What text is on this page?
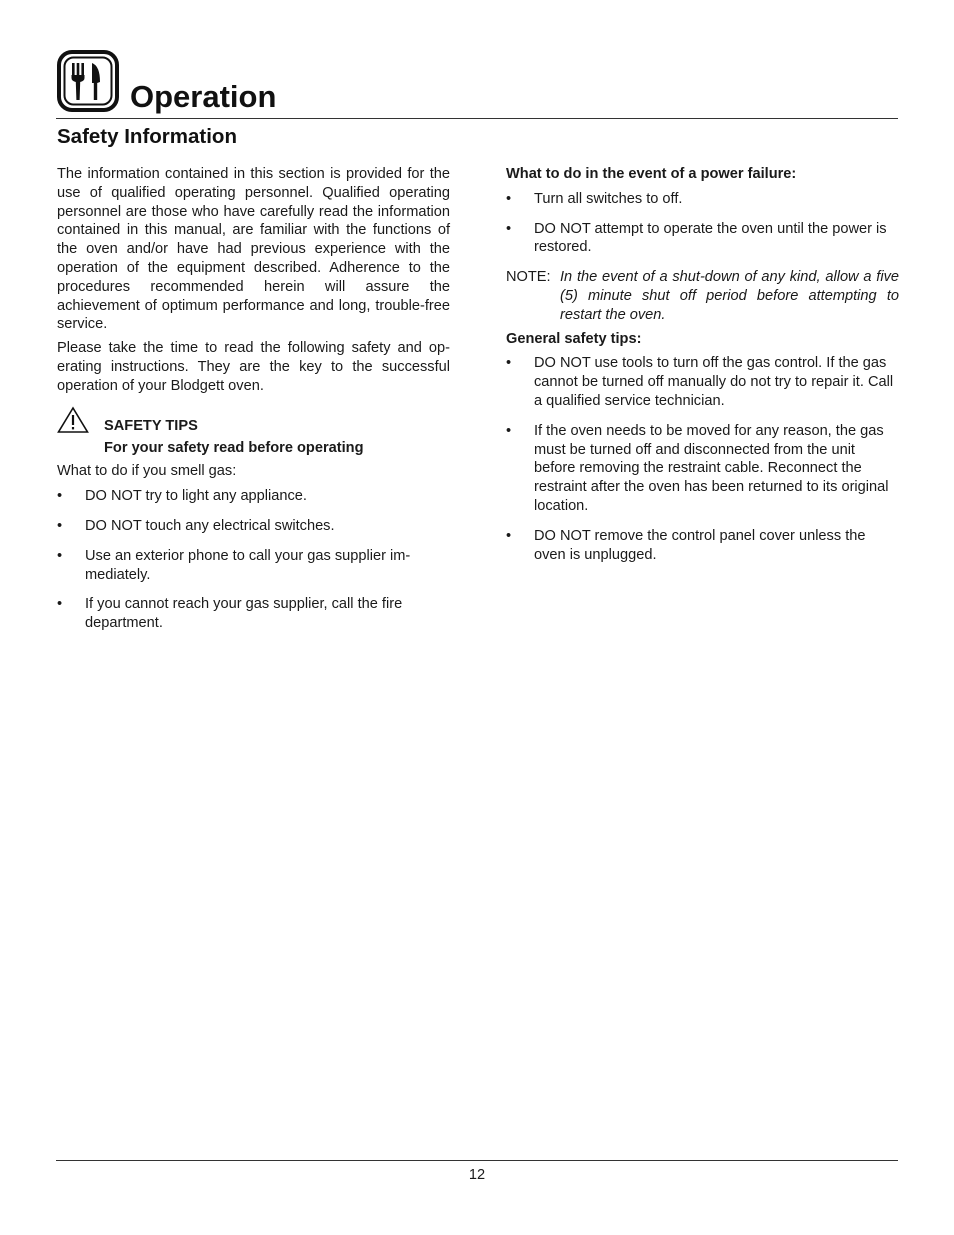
Operation
Safety Information

The information contained in this section is provided for the use of qualified operating personnel. Qualified operating personnel are those who have carefully read the information contained in this manual, are familiar with the functions of the oven and/or have had previous experience with the operation of the equipment described. Adherence to the procedures recommended herein will assure the achievement of optimum performance and long, trouble-free service.

Please take the time to read the following safety and operating instructions. They are the key to the successful operation of your Blodgett oven.

SAFETY TIPS

For your safety read before operating

What to do if you smell gas:

• DO NOT try to light any appliance.
• DO NOT touch any electrical switches.
• Use an exterior phone to call your gas supplier immediately.
• If you cannot reach your gas supplier, call the fire department.

What to do in the event of a power failure:

• Turn all switches to off.
• DO NOT attempt to operate the oven until the power is restored.

NOTE: In the event of a shut-down of any kind, allow a five (5) minute shut off period before attempting to restart the oven.

General safety tips:

• DO NOT use tools to turn off the gas control. If the gas cannot be turned off manually do not try to repair it. Call a qualified service technician.
• If the oven needs to be moved for any reason, the gas must be turned off and disconnected from the unit before removing the restraint cable. Reconnect the restraint after the oven has been returned to its original location.
• DO NOT remove the control panel cover unless the oven is unplugged.
12
